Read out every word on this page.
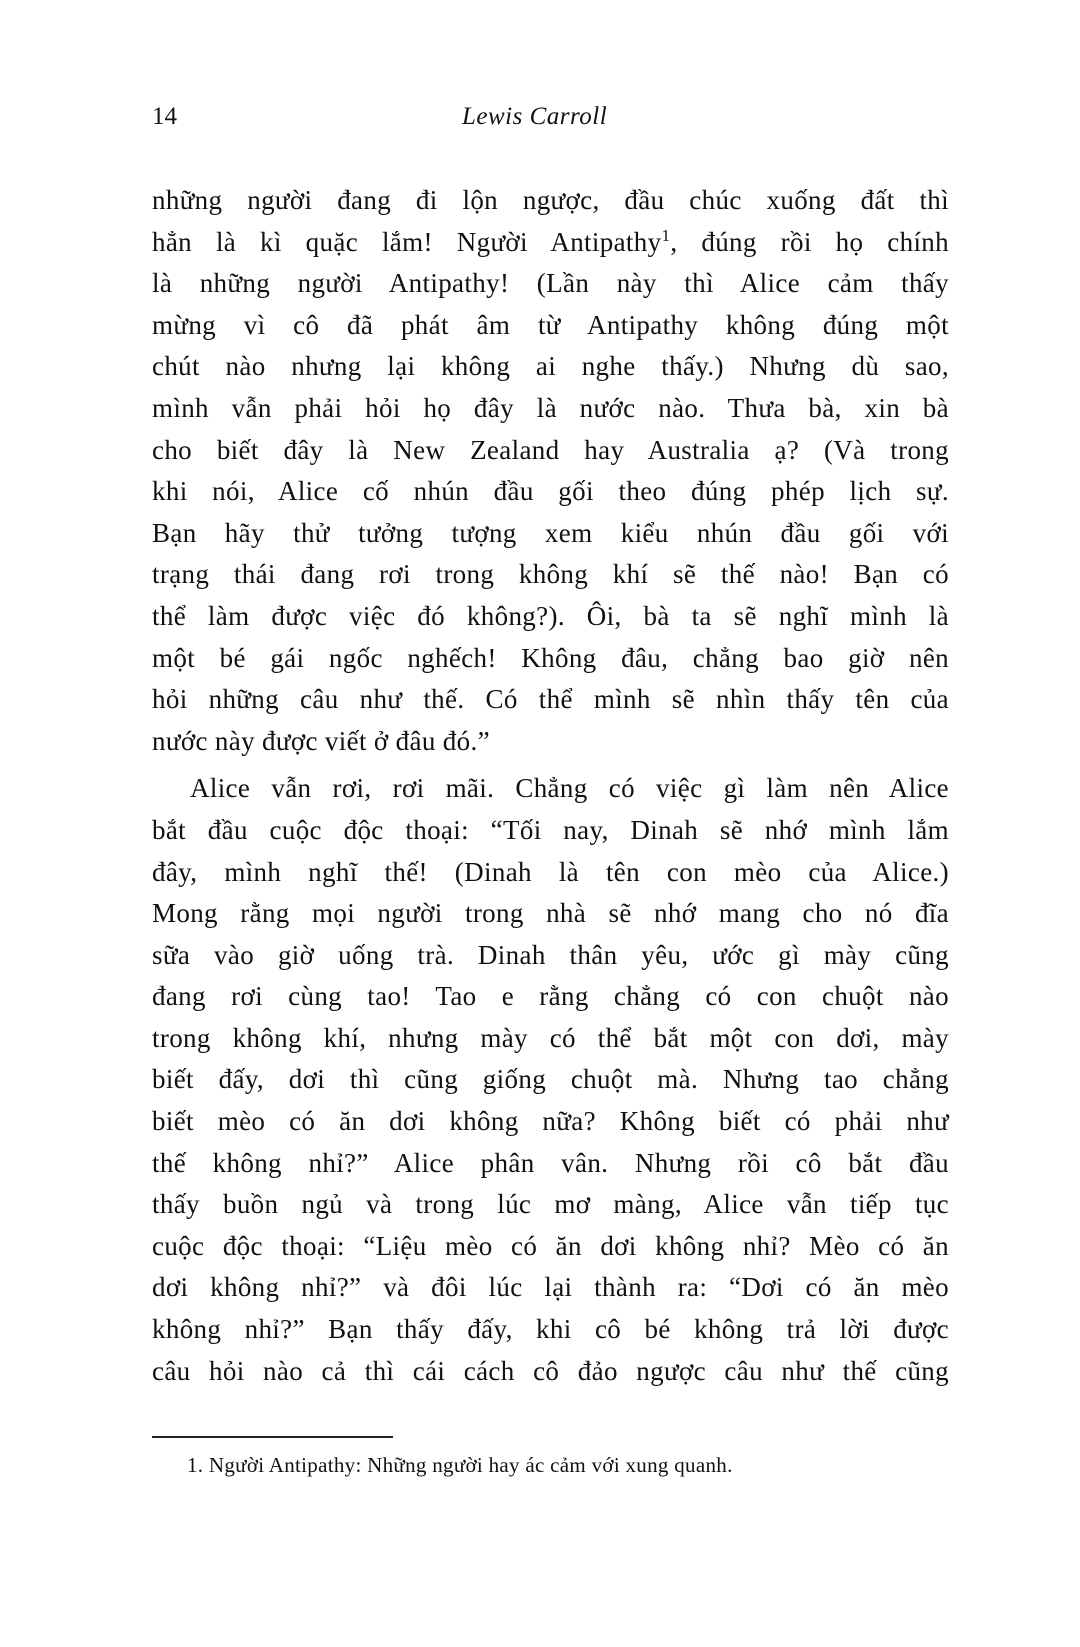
14	Lewis Carroll
những người đang đi lộn ngược, đầu chúc xuống đất thì
hẳn là kì quặc lắm! Người Antipathy$^1$, đúng rồi họ chính
là những người Antipathy! (Lần này thì Alice cảm thấy
mừng vì cô đã phát âm từ Antipathy không đúng một
chút nào nhưng lại không ai nghe thấy.) Nhưng dù sao,
mình vẫn phải hỏi họ đây là nước nào. Thưa bà, xin bà
cho biết đây là New Zealand hay Australia ạ? (Và trong
khi nói, Alice cố nhún đầu gối theo đúng phép lịch sự.
Bạn hãy thử tưởng tượng xem kiểu nhún đầu gối với
trạng thái đang rơi trong không khí sẽ thế nào! Bạn có
thể làm được việc đó không?). Ôi, bà ta sẽ nghĩ mình là
một bé gái ngốc nghếch! Không đâu, chẳng bao giờ nên
hỏi những câu như thế. Có thể mình sẽ nhìn thấy tên của
nước này được viết ở đâu đó.”
Alice vẫn rơi, rơi mãi. Chẳng có việc gì làm nên Alice
bắt đầu cuộc độc thoại: “Tối nay, Dinah sẽ nhớ mình lắm
đây, mình nghĩ thế! (Dinah là tên con mèo của Alice.)
Mong rằng mọi người trong nhà sẽ nhớ mang cho nó đĩa
sữa vào giờ uống trà. Dinah thân yêu, ước gì mày cũng
đang rơi cùng tao! Tao e rằng chẳng có con chuột nào
trong không khí, nhưng mày có thể bắt một con dơi, mày
biết đấy, dơi thì cũng giống chuột mà. Nhưng tao chẳng
biết mèo có ăn dơi không nữa? Không biết có phải như
thế không nhỉ?” Alice phân vân. Nhưng rồi cô bắt đầu
thấy buồn ngủ và trong lúc mơ màng, Alice vẫn tiếp tục
cuộc độc thoại: “Liệu mèo có ăn dơi không nhỉ? Mèo có ăn
dơi không nhỉ?” và đôi lúc lại thành ra: “Dơi có ăn mèo
không nhỉ?” Bạn thấy đấy, khi cô bé không trả lời được
câu hỏi nào cả thì cái cách cô đảo ngược câu như thế cũng
1. Người Antipathy: Những người hay ác cảm với xung quanh.
